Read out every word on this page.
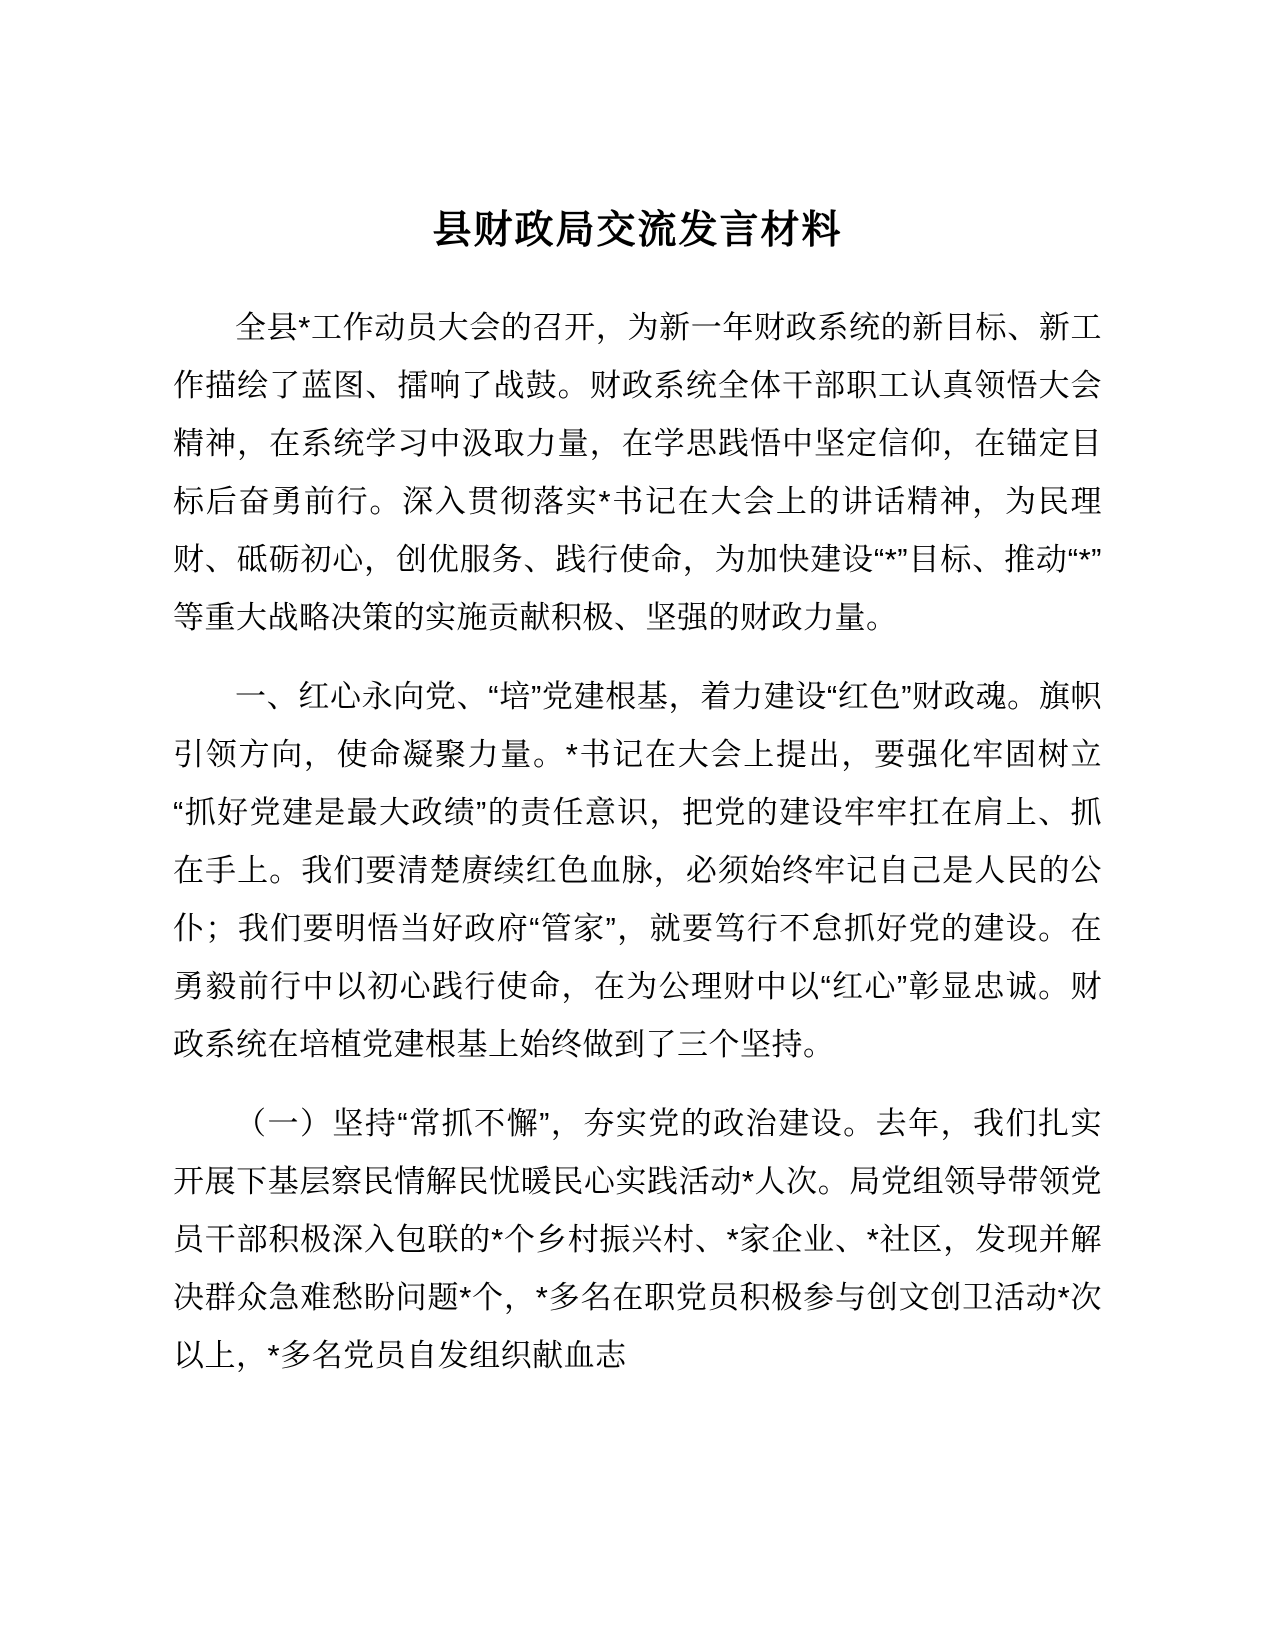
县财政局交流发言材料

全县*工作动员大会的召开，为新一年财政系统的新目标、新工作描绘了蓝图、擂响了战鼓。财政系统全体干部职工认真领悟大会精神，在系统学习中汲取力量，在学思践悟中坚定信仰，在锚定目标后奋勇前行。深入贯彻落实*书记在大会上的讲话精神，为民理财、砥砺初心，创优服务、践行使命，为加快建设“*”目标、推动“*”等重大战略决策的实施贡献积极、坚强的财政力量。

一、红心永向党、“培”党建根基，着力建设“红色”财政魂。旗帜引领方向，使命凝聚力量。*书记在大会上提出，要强化牢固树立“抓好党建是最大政绩”的责任意识，把党的建设牢牢扛在肩上、抓在手上。我们要清楚赓续红色血脉，必须始终牢记自己是人民的公仆；我们要明悟当好政府“管家”，就要笃行不怠抓好党的建设。在勇毅前行中以初心践行使命，在为公理财中以“红心”彰显忠诚。财政系统在培植党建根基上始终做到了三个坚持。

（一）坚持“常抓不懈”，夯实党的政治建设。去年，我们扎实开展下基层察民情解民忧暖民心实践活动*人次。局党组领导带领党员干部积极深入包联的*个乡村振兴村、*家企业、*社区，发现并解决群众急难愁盼问题*个，*多名在职党员积极参与创文创卫活动*次以上，*多名党员自发组织献血志
